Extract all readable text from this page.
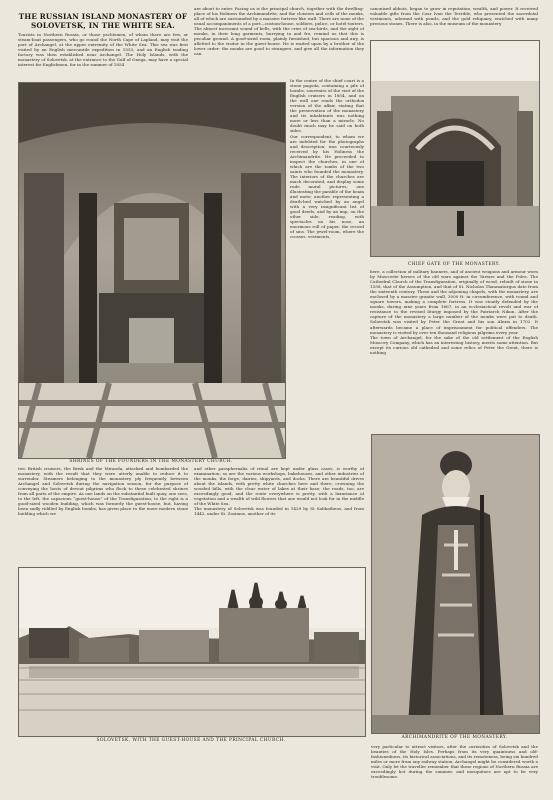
THE RUSSIAN ISLAND MONASTERY OF SOLOVETSK, IN THE WHITE SEA.
Tourists in Northern Russia, or those yachtsmen, of whom there are few, or steam-boat passengers, who go round the North Cape of Lapland, may visit the port of Archangel, at the upper extremity of the White Sea. This sea was first visited by an English mercantile expedition in 1553, and an English trading factory was then established near Archangel. The Holy Islands, with the monastery of Solovetsk, at the entrance to the Gulf of Onega, may have a special interest for Englishmen, for in the summer of 1854
are about to enter. Facing us is the principal church, together with the dwelling-place of his Holiness the Archimandrite, and the cloisters and cells of the monks, all of which are surrounded by a massive fortress-like wall. There are none of the usual accompaniments of a port—custom-house, soldiers, police, or hotel-touters. The almost incessant sound of bells, with the cries of sea-birds, and the sight of monks, in their long garments, hurrying to and fro, remind us that this is peculiar ground. A good-sized room, plainly furnished, but spacious and airy, is allotted to the visitor in the guest-house. He is waited upon by a brother of the lower order: the monks are good to strangers, and give all the information they can.
In the centre of the chief court is a stone pagoda, containing a pile of bombs, souvenirs of the visit of the English cruisers in 1854, and on the wall one reads the orthodox version of the affair, stating that the preservation of the monastery and its inhabitants was nothing more or less than a miracle. No doubt much may be said on both sides.
Our correspondent, to whom we are indebted for the photographs and description, was courteously received by his Holiness the Archimandrite. He proceeded to inspect the churches, in one of which are the tombs of the two saints who founded the monastery. The interiors of the churches are much decorated, and display some rude mural pictures; one illustrating the parable of the beam and mote; another representing a death-bed watched by an angel with a very insignificant list of good deeds, and by an imp, on the other side, reading, with spectacles on his nose, an enormous roll of paper, the record of sins. The jewel-room, where the crosses, vestments,
canonised abbots, began to grow in reputation, wealth, and power. It received valuable gifts from the Czar Ivan the Terrible, who presented the sacerdotal vestments, adorned with pearls, and the gold reliquary, enriched with many precious stones. There is also, in the museum of the monastery
SHRINES OF THE FOUNDERS IN THE MONASTERY CHURCH.
CHIEF GATE OF THE MONASTERY.
here, a collection of military banners, and of ancient weapons and armour worn by Muscovite heroes of the old wars against the Tartars and the Poles. The Cathedral Church of the Transfiguration, originally of wood, rebuilt of stone in 1558, that of the Assumption, and that of St. Nicholas Thaumaturgus date from the sixteenth century. These and the adjoining chapels, with the monastery, are enclosed by a massive granite wall, 3000 ft. in circumference, with round and square towers, making a complete fortress. It was stoutly defended by the monks, during nine years from 1667, in an ecclesiastical revolt and war of resistance to the revised liturgy imposed by the Patriarch Nikon. After the capture of the monastery a large number of the monks were put to death. Solovetsk was visited by Peter the Great and his son Alexis in 1702. It afterwards became a place of imprisonment for political offenders. The monastery is visited by over ten thousand religious pilgrims every year.
The town of Archangel, for the sake of the old settlement of the English Muscovy Company, which has an interesting history, merits some attention. But except its curious old cathedral and some relics of Peter the Great, there is nothing
two British cruisers, the Brisk and the Miranda, attacked and bombarded the monastery, with the result that they were utterly unable to reduce it to surrender. Steamers belonging to the monastery ply frequently between Archangel and Solovetsk during the navigation season, for the purpose of conveying the hosts of devout pilgrims who flock to these celebrated shrines from all parts of the empire. As one lands on the substantial built quay, one sees, to the left, the capacious “guest-house” of the Transfiguration; to the right is a good-sized wooden building, which was formerly the guest-house, but, having been sadly riddled by English bombs, has given place to the more modern stone building which we
and other paraphernalia of ritual are kept under glass cases, is worthy of examination; so are the various workshops, bakehouses, and other industries of the monks, the forge, dairies, shipyards, and docks. There are beautiful drives about the islands, with pretty white churches here and there, crowning the wooded hills, with the clear water of lakes at their base; the roads, too, are exceedingly good, and the route everywhere is pretty, with a luxuriance of vegetation and a wealth of wild flowers that one would not look for in the middle of the White Sea.
The monastery of Solovetsk was founded in 1429 by St Sabbatheus, and from 1442, under St. Zosimus, another of its
ARCHIMANDRITE OF THE MONASTERY.
SOLOVETSK, WITH THE GUEST-HOUSE AND THE PRINCIPAL CHURCH.
very particular to attract visitors, after the curiosities of Solovetsk and the beauties of the Holy Isles. Perhaps from its very quaintness and old-fashionedness, its historical associations, and its remoteness, being six hundred miles or more from any railway station, Archangel might be considered worth a visit. Only let the traveller remember that these regions of Northern Russia are exceedingly hot during the summer, and mosquitoes are apt to be very troublesome.
